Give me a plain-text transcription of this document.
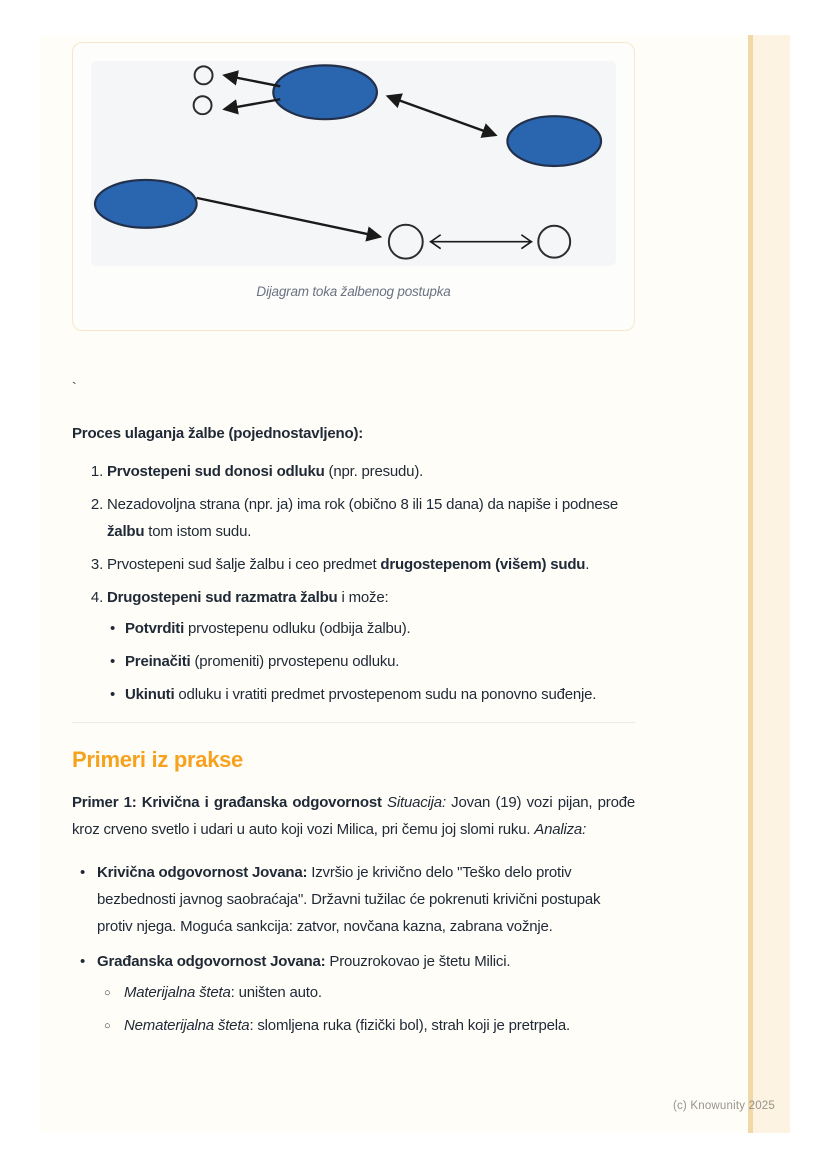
Dijagram toka žalbenog postupka
`
Proces ulaganja žalbe (pojednostavljeno):
1. Prvostepeni sud donosi odluku (npr. presudu).
2. Nezadovoljna strana (npr. ja) ima rok (obično 8 ili 15 dana) da napiše i podnese žalbu tom istom sudu.
3. Prvostepeni sud šalje žalbu i ceo predmet drugostepenom (višem) sudu.
4. Drugostepeni sud razmatra žalbu i može:
• Potvrditi prvostepenu odluku (odbija žalbu).
• Preinačiti (promeniti) prvostepenu odluku.
• Ukinuti odluku i vratiti predmet prvostepenom sudu na ponovno suđenje.
Primeri iz prakse

Primer 1: Krivična i građanska odgovornost Situacija: Jovan (19) vozi pijan, prođe kroz crveno svetlo i udari u auto koji vozi Milica, pri čemu joj slomi ruku. Analiza:

• Krivična odgovornost Jovana: Izvršio je krivično delo "Teško delo protiv bezbednosti javnog saobraćaja". Državni tužilac će pokrenuti krivični postupak protiv njega. Moguća sankcija: zatvor, novčana kazna, zabrana vožnje.
• Građanska odgovornost Jovana: Prouzrokovao je štetu Milici.
○ Materijalna šteta: uništen auto.
○ Nematerijalna šteta: slomljena ruka (fizički bol), strah koji je pretrpela.
(c) Knowunity 2025
